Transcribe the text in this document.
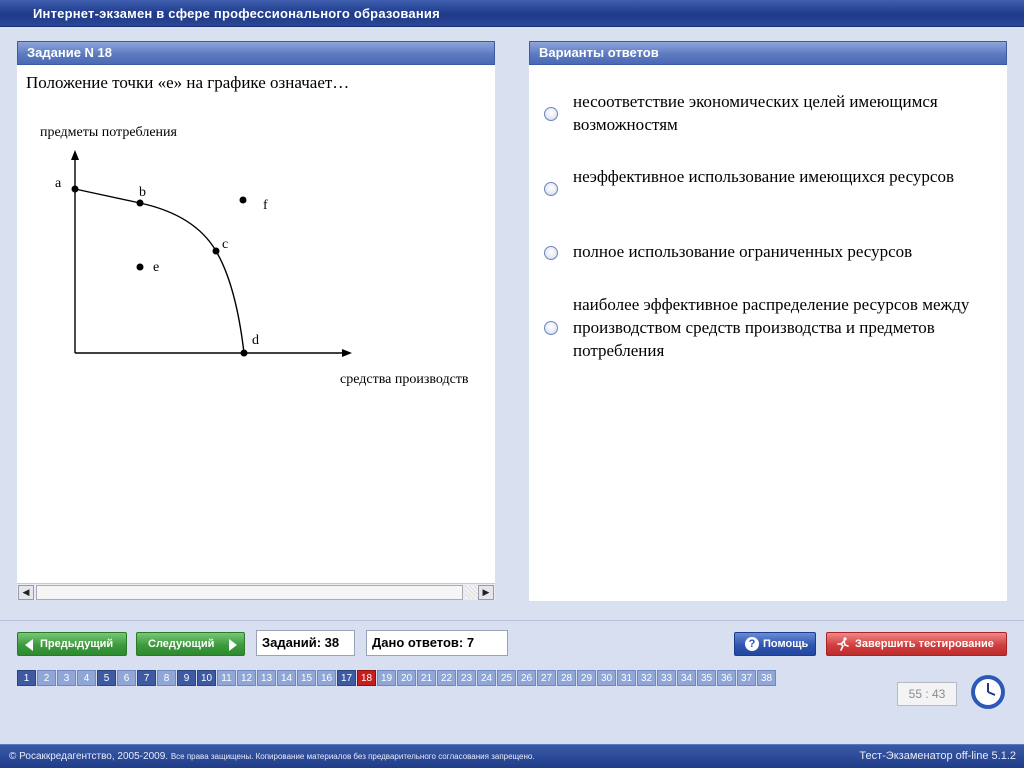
Интернет-экзамен в сфере профессионального образования
Задание N 18
Положение точки «е» на графике означает…
предметы потребления
a
b
c
d
e
f
средства производств
◀	▶
Варианты ответов
несоответствие экономических целей имеющимся возможностям
неэффективное использование имеющихся ресурсов
полное использование ограниченных ресурсов
наиболее эффективное распределение ресурсов между производством средств производства и предметов потребления
Предыдущий	Следующий	Заданий: 38	Дано ответов: 7	? Помощь	Завершить тестирование
1 2 3 4 5 6 7 8 9 10 11 12 13 14 15 16 17 18 19 20 21 22 23 24 25 26 27 28 29 30 31 32 33 34 35 36 37 38
55 : 43
© Росаккредагентство, 2005-2009. Все права защищены. Копирование материалов без предварительного согласования запрещено.	Тест-Экзаменатор off-line 5.1.2
